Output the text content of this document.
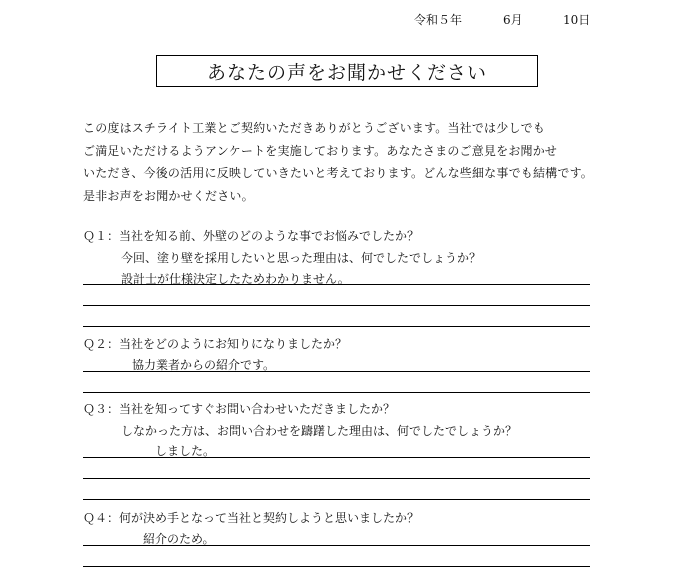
令和５年	6月	10日
あなたの声をお聞かせください
この度はスチライト工業とご契約いただきありがとうございます。当社では少しでも
ご満足いただけるようアンケートを実施しております。あなたさまのご意見をお聞かせ
いただき、今後の活用に反映していきたいと考えております。どんな些細な事でも結構です。
是非お声をお聞かせください。
Ｑ１：当社を知る前、外壁のどのような事でお悩みでしたか？
今回、塗り壁を採用したいと思った理由は、何でしたでしょうか？
設計士が仕様決定したためわかりません。
Ｑ２：当社をどのようにお知りになりましたか？
協力業者からの紹介です。
Ｑ３：当社を知ってすぐお問い合わせいただきましたか？
しなかった方は、お問い合わせを躊躇した理由は、何でしたでしょうか？
しました。
Ｑ４：何が決め手となって当社と契約しようと思いましたか？
紹介のため。
